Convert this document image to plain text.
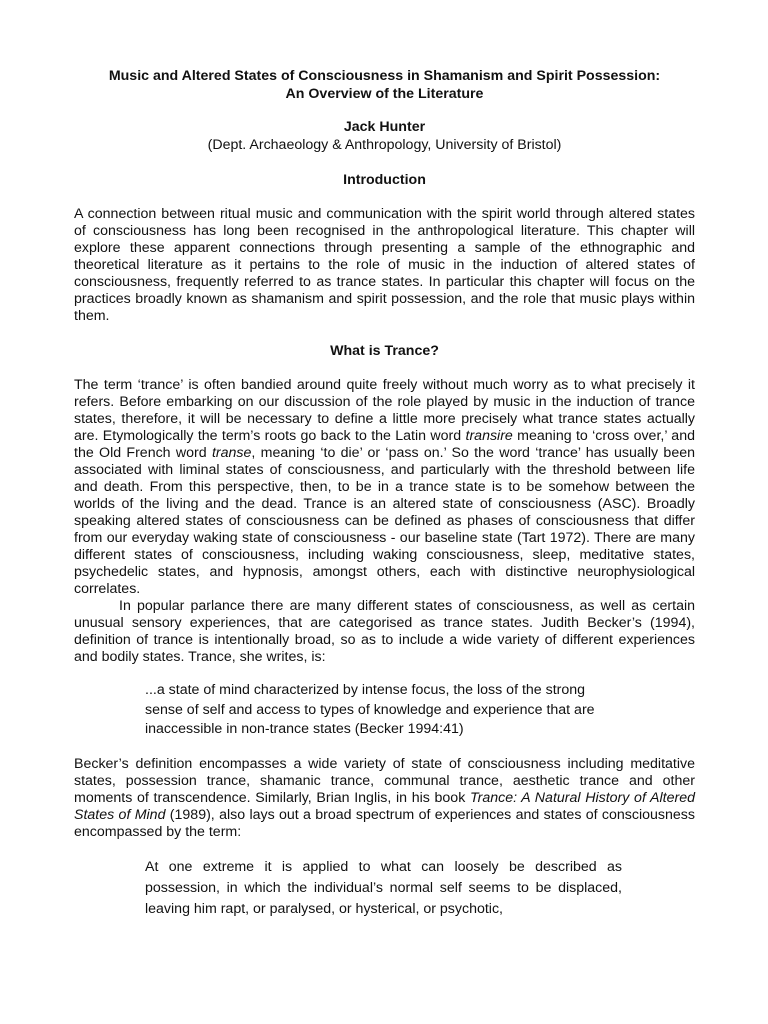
Music and Altered States of Consciousness in Shamanism and Spirit Possession:
An Overview of the Literature

Jack Hunter

(Dept. Archaeology & Anthropology, University of Bristol)

Introduction

A connection between ritual music and communication with the spirit world through altered states of consciousness has long been recognised in the anthropological literature. This chapter will explore these apparent connections through presenting a sample of the ethnographic and theoretical literature as it pertains to the role of music in the induction of altered states of consciousness, frequently referred to as trance states. In particular this chapter will focus on the practices broadly known as shamanism and spirit possession, and the role that music plays within them.

What is Trance?

The term ‘trance’ is often bandied around quite freely without much worry as to what precisely it refers. Before embarking on our discussion of the role played by music in the induction of trance states, therefore, it will be necessary to define a little more precisely what trance states actually are. Etymologically the term’s roots go back to the Latin word transire meaning to ‘cross over,’ and the Old French word transe, meaning ‘to die’ or ‘pass on.’ So the word ‘trance’ has usually been associated with liminal states of consciousness, and particularly with the threshold between life and death. From this perspective, then, to be in a trance state is to be somehow between the worlds of the living and the dead. Trance is an altered state of consciousness (ASC). Broadly speaking altered states of consciousness can be defined as phases of consciousness that differ from our everyday waking state of consciousness - our baseline state (Tart 1972). There are many different states of consciousness, including waking consciousness, sleep, meditative states, psychedelic states, and hypnosis, amongst others, each with distinctive neurophysiological correlates.

In popular parlance there are many different states of consciousness, as well as certain unusual sensory experiences, that are categorised as trance states. Judith Becker’s (1994), definition of trance is intentionally broad, so as to include a wide variety of different experiences and bodily states. Trance, she writes, is:

...a state of mind characterized by intense focus, the loss of the strong sense of self and access to types of knowledge and experience that are inaccessible in non-trance states (Becker 1994:41)

Becker’s definition encompasses a wide variety of state of consciousness including meditative states, possession trance, shamanic trance, communal trance, aesthetic trance and other moments of transcendence. Similarly, Brian Inglis, in his book Trance: A Natural History of Altered States of Mind (1989), also lays out a broad spectrum of experiences and states of consciousness encompassed by the term:

At one extreme it is applied to what can loosely be described as possession, in which the individual’s normal self seems to be displaced, leaving him rapt, or paralysed, or hysterical, or psychotic,
